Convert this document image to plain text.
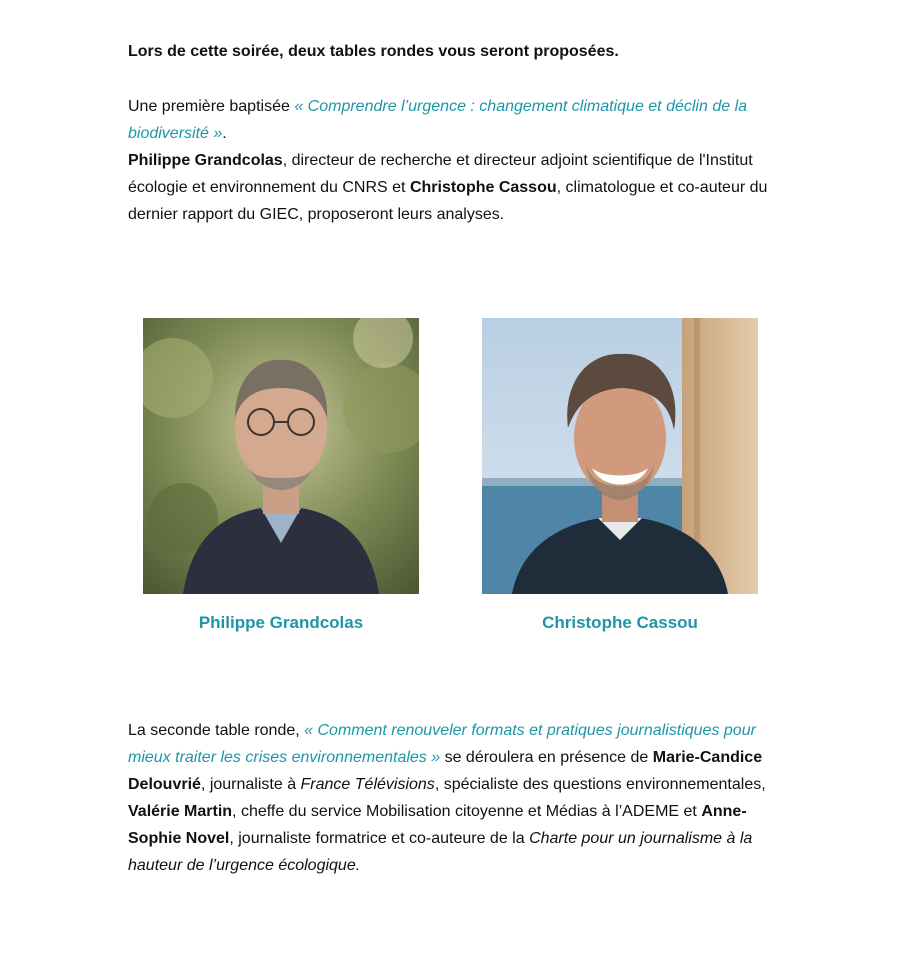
Lors de cette soirée, deux tables rondes vous seront proposées.

Une première baptisée « Comprendre l’urgence : changement climatique et déclin de la biodiversité ».
Philippe Grandcolas, directeur de recherche et directeur adjoint scientifique de l'Institut écologie et environnement du CNRS et Christophe Cassou, climatologue et co-auteur du dernier rapport du GIEC, proposeront leurs analyses.

Philippe Grandcolas	Christophe Cassou

La seconde table ronde, « Comment renouveler formats et pratiques journalistiques pour mieux traiter les crises environnementales » se déroulera en présence de Marie-Candice Delouvrié, journaliste à France Télévisions, spécialiste des questions environnementales, Valérie Martin, cheffe du service Mobilisation citoyenne et Médias à l’ADEME et Anne-Sophie Novel, journaliste formatrice et co-auteure de la Charte pour un journalisme à la hauteur de l’urgence écologique.
